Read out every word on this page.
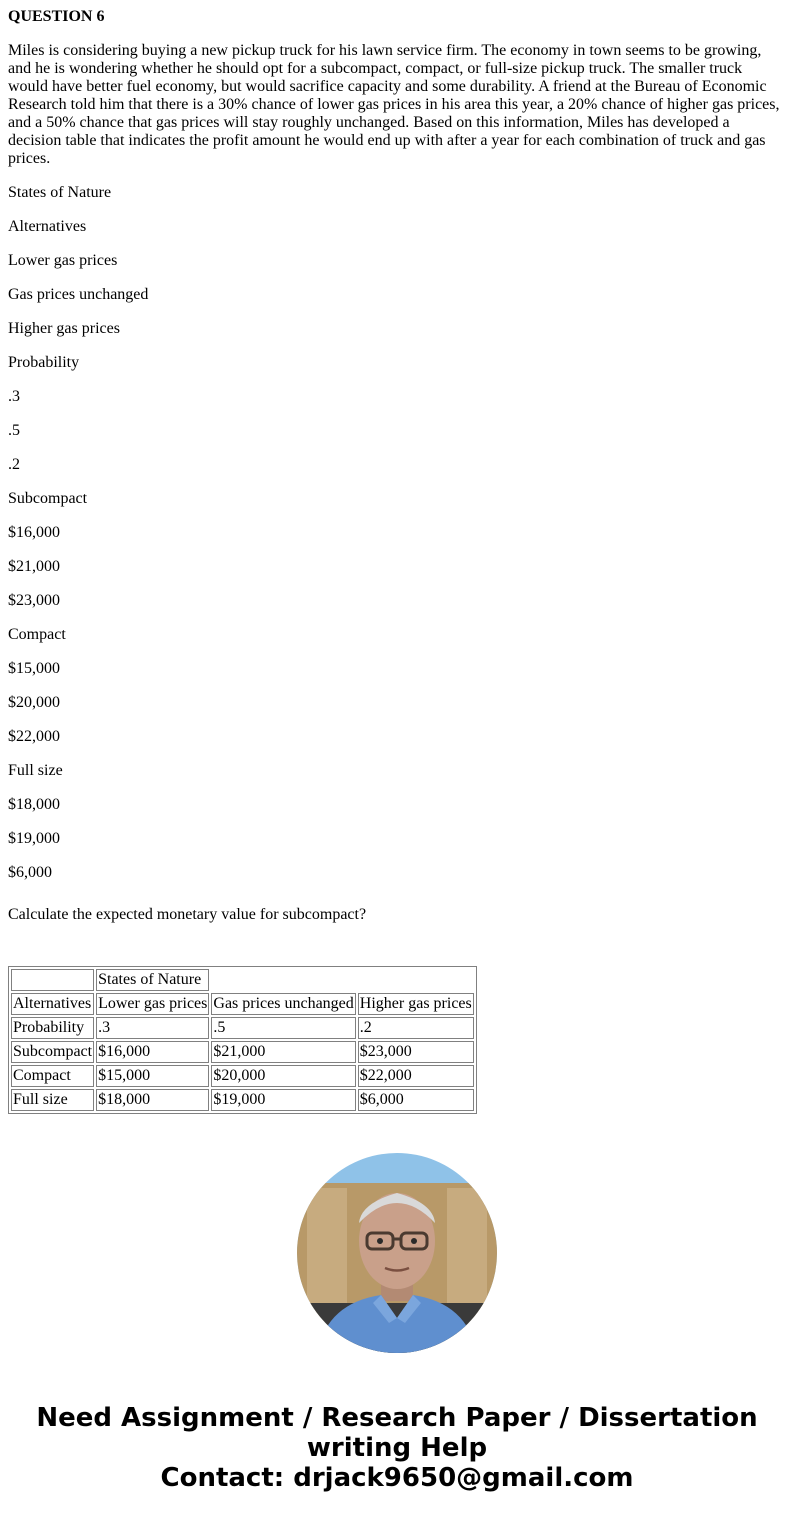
QUESTION 6

Miles is considering buying a new pickup truck for his lawn service firm. The economy in town seems to be growing, and he is wondering whether he should opt for a subcompact, compact, or full-size pickup truck. The smaller truck would have better fuel economy, but would sacrifice capacity and some durability. A friend at the Bureau of Economic Research told him that there is a 30% chance of lower gas prices in his area this year, a 20% chance of higher gas prices, and a 50% chance that gas prices will stay roughly unchanged. Based on this information, Miles has developed a decision table that indicates the profit amount he would end up with after a year for each combination of truck and gas prices.

States of Nature

Alternatives

Lower gas prices

Gas prices unchanged

Higher gas prices

Probability

.3

.5

.2

Subcompact

$16,000

$21,000

$23,000

Compact

$15,000

$20,000

$22,000

Full size

$18,000

$19,000

$6,000

Calculate the expected monetary value for subcompact?

	States of Nature		
Alternatives	Lower gas prices	Gas prices unchanged	Higher gas prices
Probability	.3	.5	.2
Subcompact	$16,000	$21,000	$23,000
Compact	$15,000	$20,000	$22,000
Full size	$18,000	$19,000	$6,000
Need Assignment / Research Paper / Dissertation
writing Help
Contact: drjack9650@gmail.com
